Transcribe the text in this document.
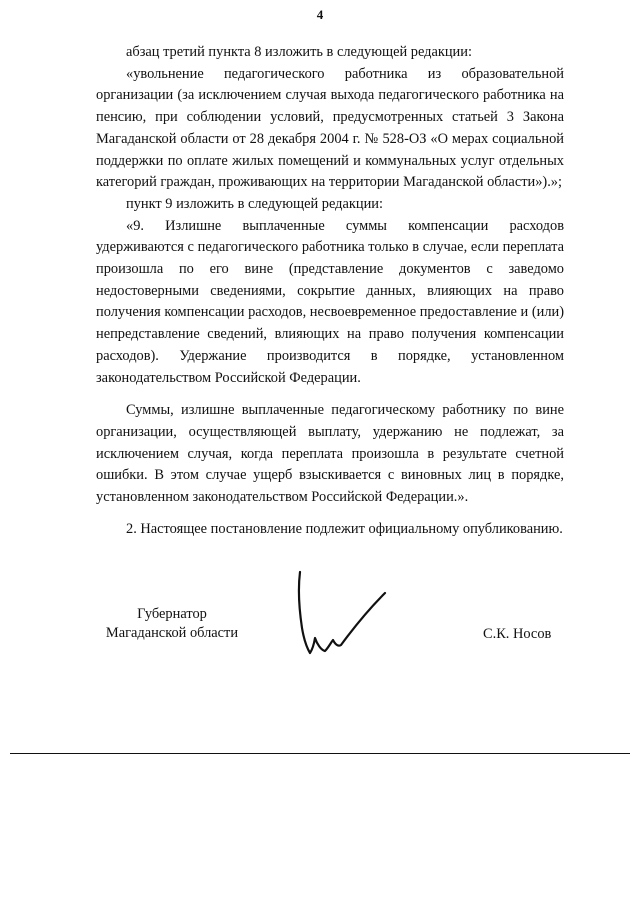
4

абзац третий пункта 8 изложить в следующей редакции:

«увольнение педагогического работника из образовательной организации (за исключением случая выхода педагогического работника на пенсию, при соблюдении условий, предусмотренных статьей 3 Закона Магаданской области от 28 декабря 2004 г. № 528-ОЗ «О мерах социальной поддержки по оплате жилых помещений и коммунальных услуг отдельных категорий граждан, проживающих на территории Магаданской области»).»;

пункт 9 изложить в следующей редакции:

«9. Излишне выплаченные суммы компенсации расходов удерживаются с педагогического работника только в случае, если переплата произошла по его вине (представление документов с заведомо недостоверными сведениями, сокрытие данных, влияющих на право получения компенсации расходов, несвоевременное предоставление и (или) непредставление сведений, влияющих на право получения компенсации расходов). Удержание производится в порядке, установленном законодательством Российской Федерации.

Суммы, излишне выплаченные педагогическому работнику по вине организации, осуществляющей выплату, удержанию не подлежат, за исключением случая, когда переплата произошла в результате счетной ошибки. В этом случае ущерб взыскивается с виновных лиц в порядке, установленном законодательством Российской Федерации.».

2. Настоящее постановление подлежит официальному опубликованию.

Губернатор
Магаданской области	С.К. Носов
